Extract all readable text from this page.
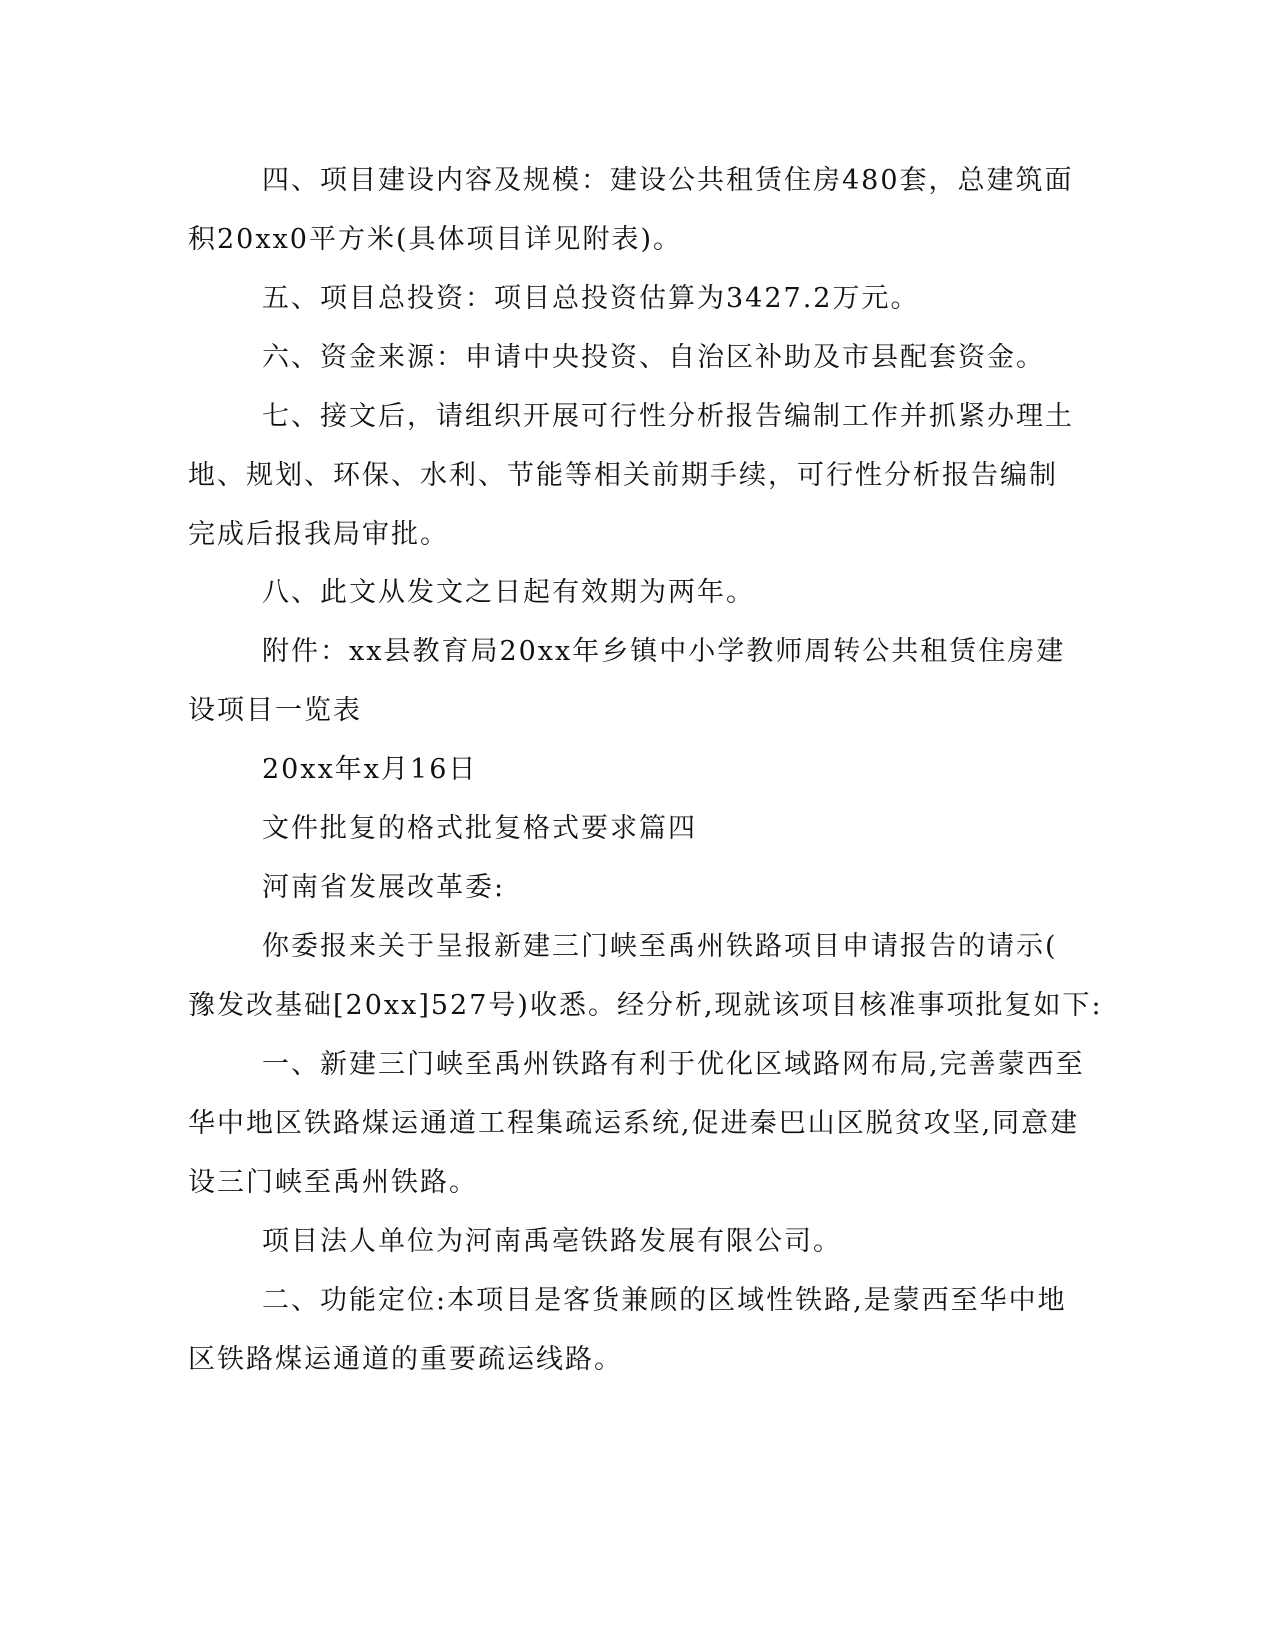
四、项目建设内容及规模：建设公共租赁住房480套，总建筑面

积20xx0平方米(具体项目详见附表)。

五、项目总投资：项目总投资估算为3427.2万元。

六、资金来源：申请中央投资、自治区补助及市县配套资金。

七、接文后，请组织开展可行性分析报告编制工作并抓紧办理土

地、规划、环保、水利、节能等相关前期手续，可行性分析报告编制

完成后报我局审批。

八、此文从发文之日起有效期为两年。

附件：xx县教育局20xx年乡镇中小学教师周转公共租赁住房建

设项目一览表

20xx年x月16日

文件批复的格式批复格式要求篇四

河南省发展改革委:

你委报来关于呈报新建三门峡至禹州铁路项目申请报告的请示(

豫发改基础[20xx]527号)收悉。经分析,现就该项目核准事项批复如下:

一、新建三门峡至禹州铁路有利于优化区域路网布局,完善蒙西至

华中地区铁路煤运通道工程集疏运系统,促进秦巴山区脱贫攻坚,同意建

设三门峡至禹州铁路。

项目法人单位为河南禹亳铁路发展有限公司。

二、功能定位:本项目是客货兼顾的区域性铁路,是蒙西至华中地

区铁路煤运通道的重要疏运线路。
